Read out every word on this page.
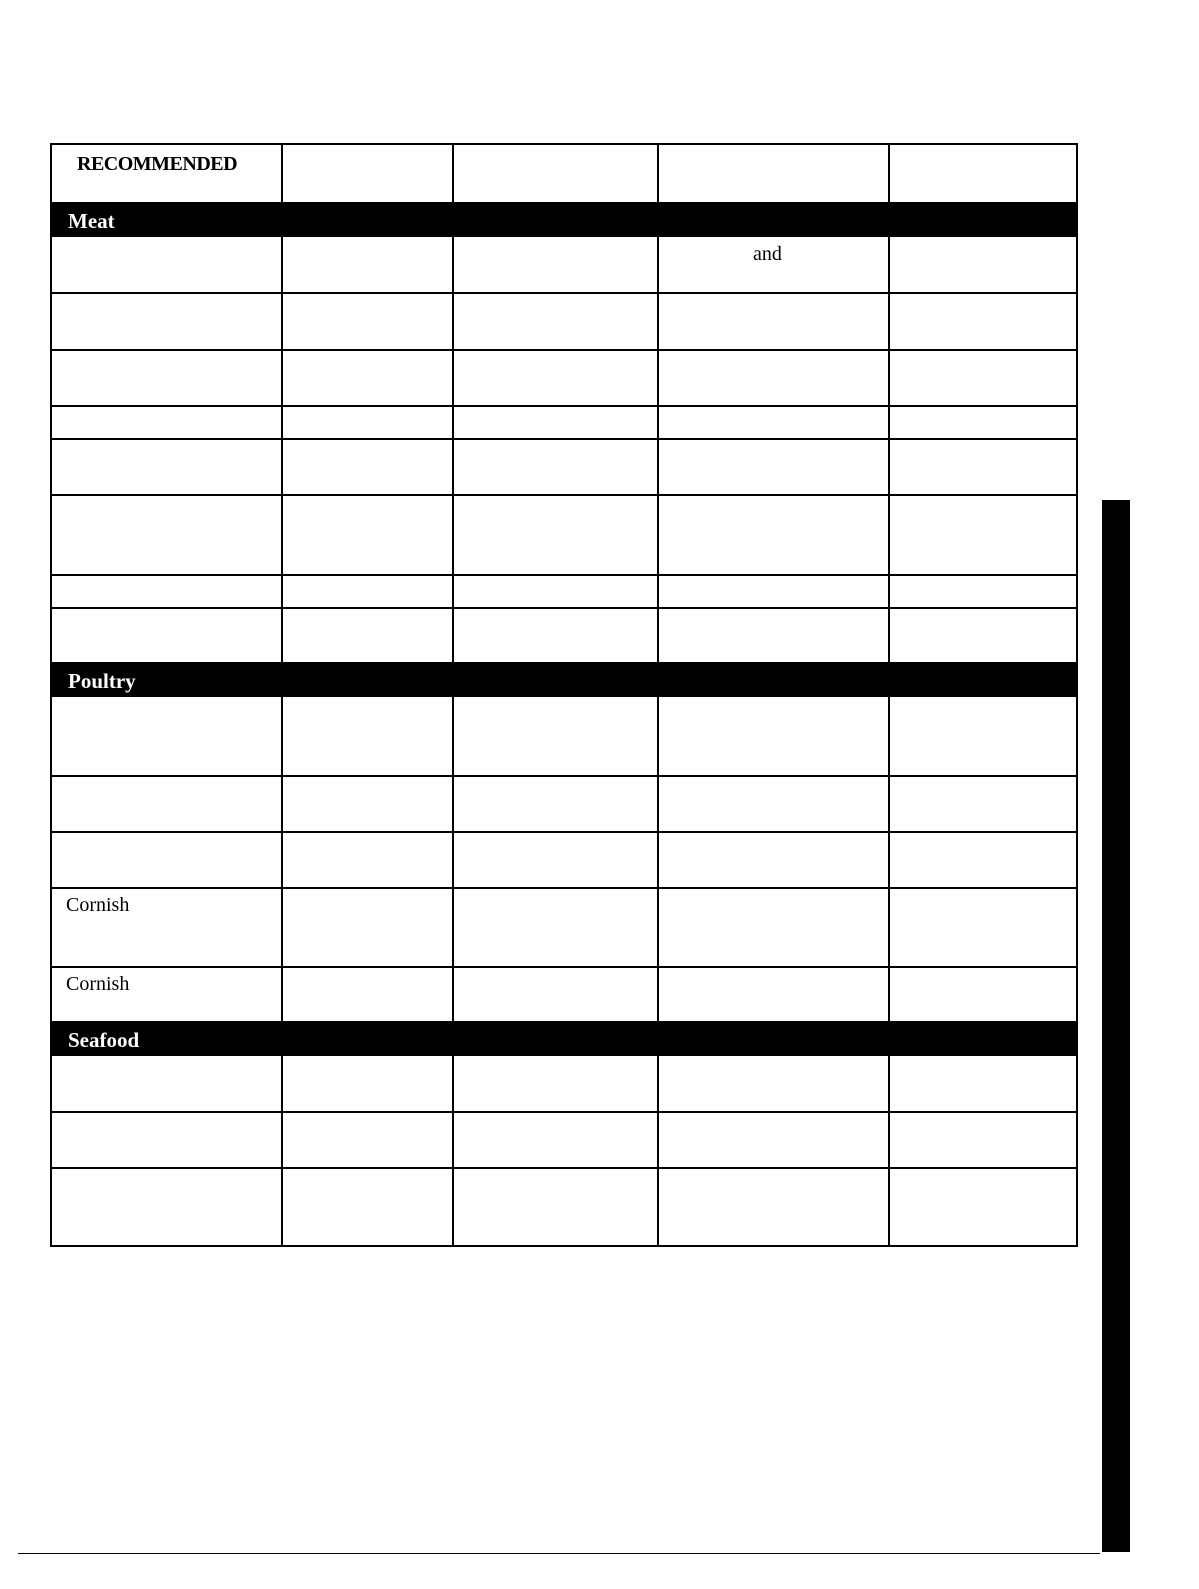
RECOMMENDED
Meat
Poultry
Seafood
and
Cornish
Cornish
